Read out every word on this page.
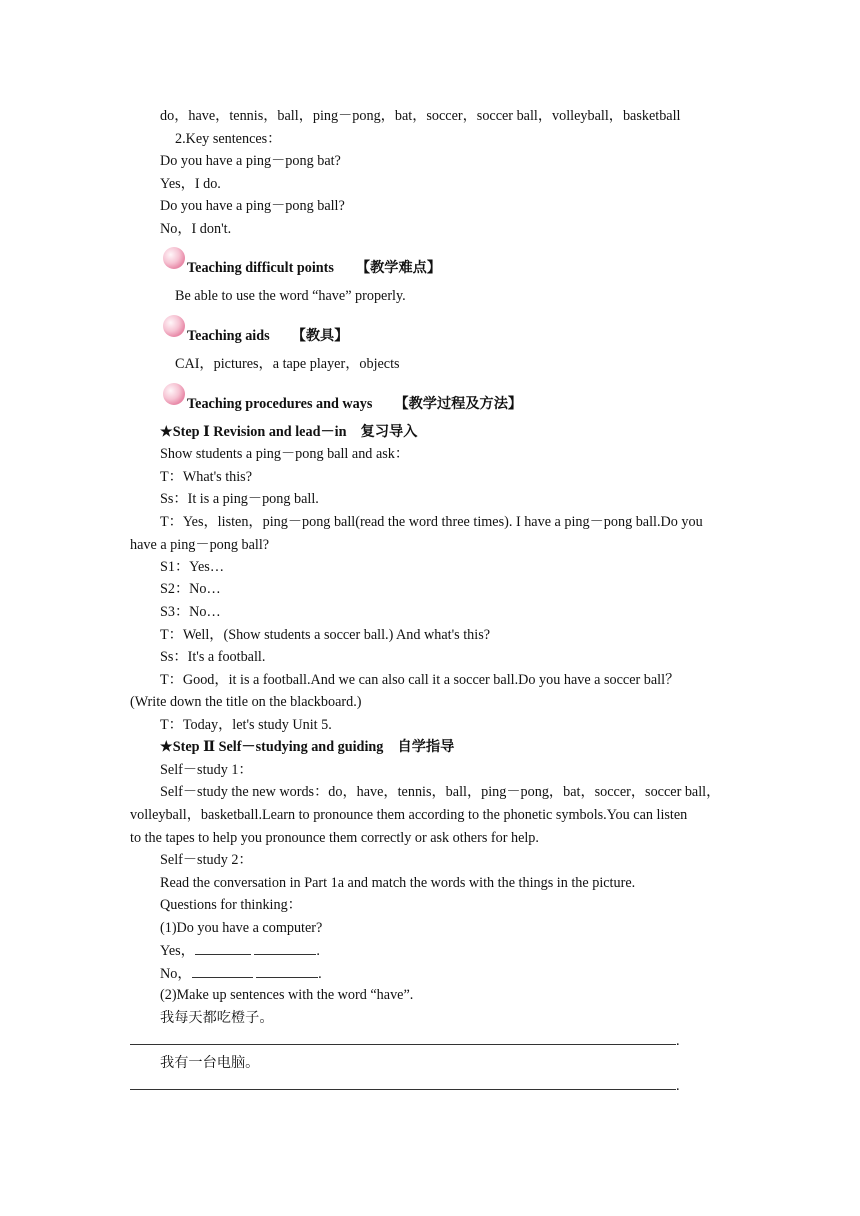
do，have，tennis，ball，ping－pong，bat，soccer，soccer ball，volleyball，basketball
2.Key sentences：
Do you have a ping－pong bat?
Yes，I do.
Do you have a ping－pong ball?
No，I don't.
Teaching difficult points 【教学难点】
Be able to use the word “have” properly.
Teaching aids 【教具】
CAI，pictures，a tape player，objects
Teaching procedures and ways 【教学过程及方法】
★Step Ⅰ Revision and lead－in　复习导入
Show students a ping－pong ball and ask：
T：What's this?
Ss：It is a ping－pong ball.
T：Yes，listen，ping－pong ball(read the word three times). I have a ping－pong ball.Do you
have a ping－pong ball?
S1：Yes…
S2：No…
S3：No…
T：Well，(Show students a soccer ball.) And what's this?
Ss：It's a football.
T：Good，it is a football.And we can also call it a soccer ball.Do you have a soccer ball？
(Write down the title on the blackboard.)
T：Today，let's study Unit 5.
★Step Ⅱ Self－studying and guiding　自学指导
Self－study 1：
Self－study the new words：do，have，tennis，ball，ping－pong，bat，soccer，soccer ball，
volleyball，basketball.Learn to pronounce them according to the phonetic symbols.You can listen
to the tapes to help you pronounce them correctly or ask others for help.
Self－study 2：
Read the conversation in Part 1a and match the words with the things in the picture.
Questions for thinking：
(1)Do you have a computer?
Yes，	.
No，	.
(2)Make up sentences with the word “have”.
我每天都吃橙子。
.
我有一台电脑。
.
